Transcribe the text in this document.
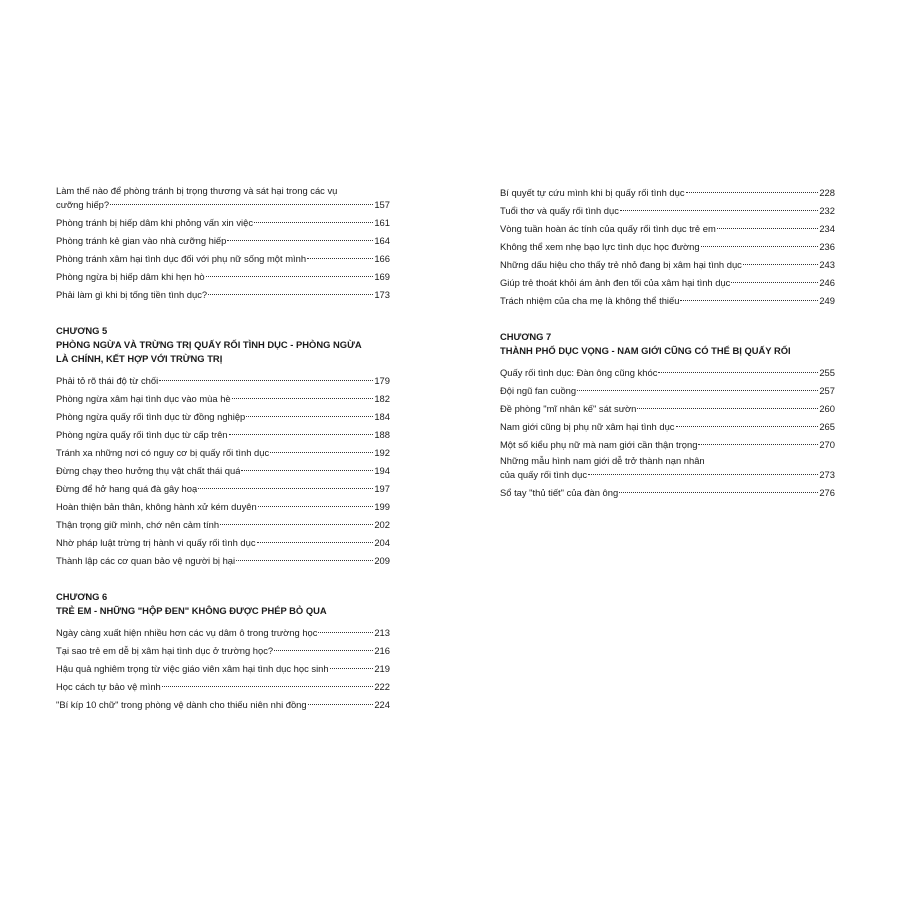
Làm thế nào để phòng tránh bị trọng thương và sát hại trong các vụ
cưỡng hiếp?	157
Phòng tránh bị hiếp dâm khi phỏng vấn xin việc	161
Phòng tránh kẻ gian vào nhà cưỡng hiếp	164
Phòng tránh xâm hại tình dục đối với phụ nữ sống một mình	166
Phòng ngừa bị hiếp dâm khi hẹn hò	169
Phải làm gì khi bị tống tiền tình dục?	173
CHƯƠNG 5
PHÒNG NGỪA VÀ TRỪNG TRỊ QUẤY RỐI TÌNH DỤC - PHÒNG NGỪA
LÀ CHÍNH, KẾT HỢP VỚI TRỪNG TRỊ
Phải tỏ rõ thái độ từ chối	179
Phòng ngừa xâm hại tình dục vào mùa hè	182
Phòng ngừa quấy rối tình dục từ đồng nghiệp	184
Phòng ngừa quấy rối tình dục từ cấp trên	188
Tránh xa những nơi có nguy cơ bị quấy rối tình dục	192
Đừng chạy theo hưởng thụ vật chất thái quá	194
Đừng để hở hang quá đà gây hoạ	197
Hoàn thiện bản thân, không hành xử kém duyên	199
Thận trọng giữ mình, chớ nên cảm tính	202
Nhờ pháp luật trừng trị hành vi quấy rối tình dục	204
Thành lập các cơ quan bảo vệ người bị hại	209
CHƯƠNG 6
TRẺ EM - NHỮNG "HỘP ĐEN" KHÔNG ĐƯỢC PHÉP BỎ QUA
Ngày càng xuất hiện nhiều hơn các vụ dâm ô trong trường học	213
Tại sao trẻ em dễ bị xâm hại tình dục ở trường học?	216
Hậu quả nghiêm trọng từ việc giáo viên xâm hại tình dục học sinh	219
Học cách tự bảo vệ mình	222
"Bí kíp 10 chữ" trong phòng vệ dành cho thiếu niên nhi đồng	224
Bí quyết tự cứu mình khi bị quấy rối tình dục	228
Tuổi thơ và quấy rối tình dục	232
Vòng tuần hoàn ác tính của quấy rối tình dục trẻ em	234
Không thể xem nhẹ bạo lực tình dục học đường	236
Những dấu hiệu cho thấy trẻ nhỏ đang bị xâm hại tình dục	243
Giúp trẻ thoát khỏi ám ảnh đen tối của xâm hại tình dục	246
Trách nhiệm của cha mẹ là không thể thiếu	249
CHƯƠNG 7
THÀNH PHỐ DỤC VỌNG - NAM GIỚI CŨNG CÓ THỂ BỊ QUẤY RỐI
Quấy rối tình dục: Đàn ông cũng khóc	255
Đội ngũ fan cuồng	257
Đề phòng "mĩ nhân kế" sát sườn	260
Nam giới cũng bị phụ nữ xâm hại tình dục	265
Một số kiểu phụ nữ mà nam giới cần thận trọng	270
Những mẫu hình nam giới dễ trở thành nạn nhân
của quấy rối tình dục	273
Sổ tay "thủ tiết" của đàn ông	276
